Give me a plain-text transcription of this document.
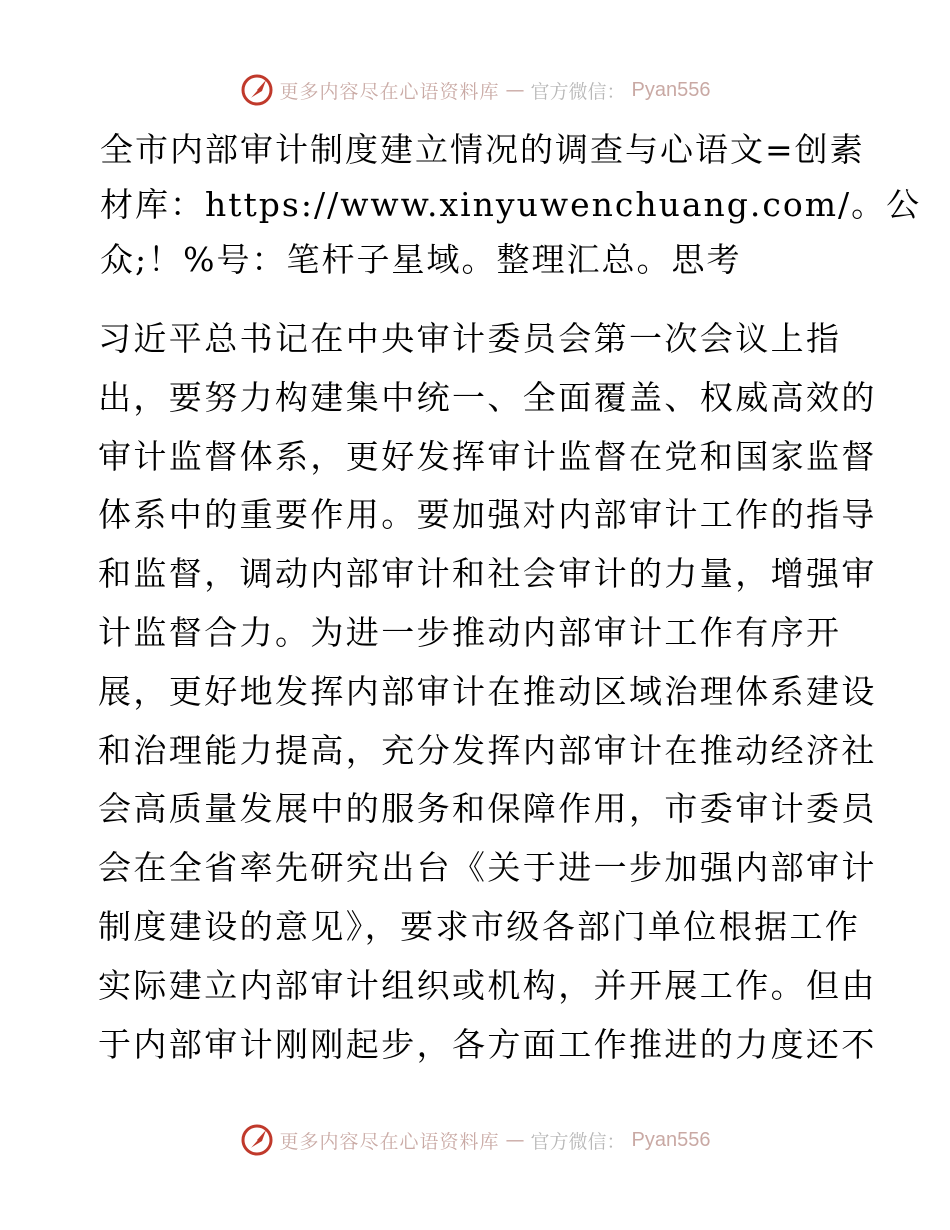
更多内容尽在心语资料库 — 官方微信： Pyan556
全市内部审计制度建立情况的调查与心语文=创素
材库：https://www.xinyuwenchuang.com/。公
众;！%号：笔杆子星域。整理汇总。思考

习近平总书记在中央审计委员会第一次会议上指
出，要努力构建集中统一、全面覆盖、权威高效的
审计监督体系，更好发挥审计监督在党和国家监督
体系中的重要作用。要加强对内部审计工作的指导
和监督，调动内部审计和社会审计的力量，增强审
计监督合力。为进一步推动内部审计工作有序开
展，更好地发挥内部审计在推动区域治理体系建设
和治理能力提高，充分发挥内部审计在推动经济社
会高质量发展中的服务和保障作用，市委审计委员
会在全省率先研究出台《关于进一步加强内部审计
制度建设的意见》，要求市级各部门单位根据工作
实际建立内部审计组织或机构，并开展工作。但由
于内部审计刚刚起步，各方面工作推进的力度还不

更多内容尽在心语资料库 — 官方微信： Pyan556
